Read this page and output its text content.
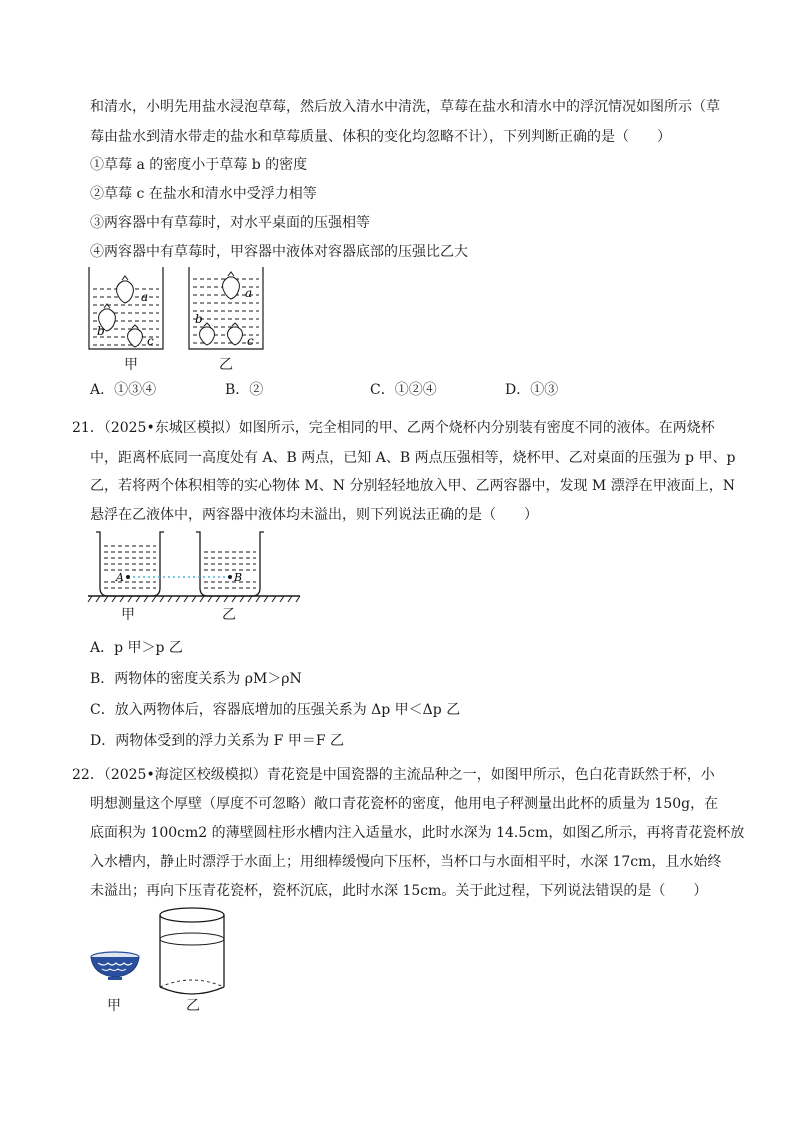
和清水，小明先用盐水浸泡草莓，然后放入清水中清洗，草莓在盐水和清水中的浮沉情况如图所示（草
莓由盐水到清水带走的盐水和草莓质量、体积的变化均忽略不计），下列判断正确的是（　　）
①草莓 a 的密度小于草莓 b 的密度
②草莓 c 在盐水和清水中受浮力相等
③两容器中有草莓时，对水平桌面的压强相等
④两容器中有草莓时，甲容器中液体对容器底部的压强比乙大
a
b
c
a
b
c
甲	乙
A．①③④	B．②	C．①②④	D．①③
21．（2025•东城区模拟）如图所示，完全相同的甲、乙两个烧杯内分别装有密度不同的液体。在两烧杯
中，距离杯底同一高度处有 A、B 两点，已知 A、B 两点压强相等，烧杯甲、乙对桌面的压强为 p 甲、p
乙，若将两个体积相等的实心物体 M、N 分别轻轻地放入甲、乙两容器中，发现 M 漂浮在甲液面上，N
悬浮在乙液体中，两容器中液体均未溢出，则下列说法正确的是（　　）
A	B
甲	乙
A．p 甲＞p 乙
B．两物体的密度关系为 ρM＞ρN
C．放入两物体后，容器底增加的压强关系为 Δp 甲＜Δp 乙
D．两物体受到的浮力关系为 F 甲＝F 乙
22．（2025•海淀区校级模拟）青花瓷是中国瓷器的主流品种之一，如图甲所示，色白花青跃然于杯，小
明想测量这个厚壁（厚度不可忽略）敞口青花瓷杯的密度，他用电子秤测量出此杯的质量为 150g，在
底面积为 100cm2 的薄壁圆柱形水槽内注入适量水，此时水深为 14.5cm，如图乙所示，再将青花瓷杯放
入水槽内，静止时漂浮于水面上；用细棒缓慢向下压杯，当杯口与水面相平时，水深 17cm，且水始终
未溢出；再向下压青花瓷杯，瓷杯沉底，此时水深 15cm。关于此过程，下列说法错误的是（　　）
甲	乙
